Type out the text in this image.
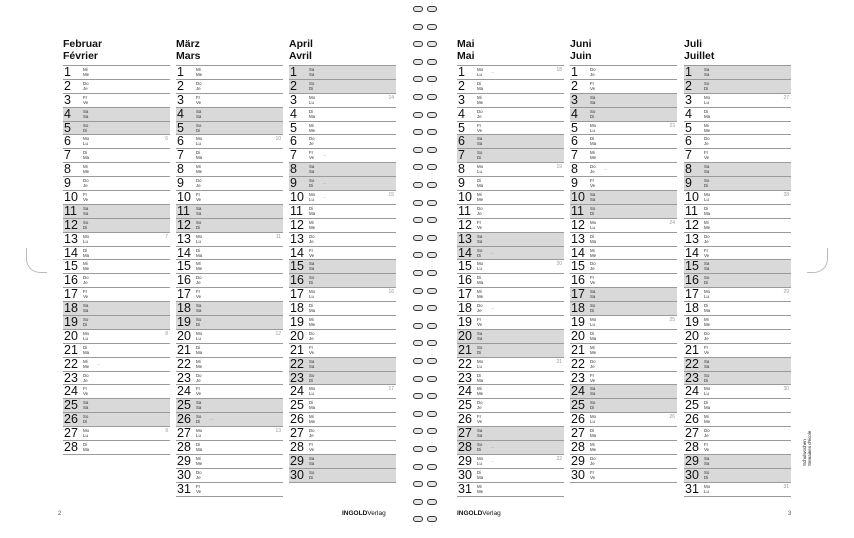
Februar
Février
1	Mi
Me
2	Do
Je
3	Fr
Ve
4	Sa
Sa
5	So
Di
6	Mo
Lu
6
7	Di
Ma
8	Mi
Me
9	Do
Je
10	Fr
Ve
11	Sa
Sa
12	So
Di
13	Mo
Lu
7
14	Di
Ma
15	Mi
Me
16	Do
Je
17	Fr
Ve
18	Sa
Sa
19	So
Di
20	Mo
Lu
8
21	Di
Ma
22	Mi
Me ...
23	Do
Je
24	Fr
Ve
25	Sa
Sa
26	So
Di
27	Mo
Lu
9
28	Di
Ma
März
Mars
1	Mi
Me
2	Do
Je
3	Fr
Ve
4	Sa
Sa
5	So
Di
6	Mo
Lu
10
7	Di
Ma
8	Mi
Me
9	Do
Je
10	Fr
Ve
11	Sa
Sa
12	So
Di
13	Mo
Lu
11
14	Di
Ma
15	Mi
Me
16	Do
Je
17	Fr
Ve
18	Sa
Sa
19	So
Di
20	Mo
Lu
12
21	Di
Ma
22	Mi
Me
23	Do
Je
24	Fr
Ve
25	Sa
Sa
26	So
Di	...
27	Mo
Lu
13
28	Di
Ma
29	Mi
Me
30	Do
Je
31	Fr
Ve
April
Avril
1	Sa
Sa
2	So
Di
3	Mo
Lu
14
4	Di
Ma
5	Mi
Me
6	Do
Je
7	Fr
Ve ...
8	Sa
Sa
9	So
Di	...
10	Mo
Lu	...	15
11	Di
Ma
12	Mi
Me
13	Do
Je
14	Fr
Ve
15	Sa
Sa
16	So
Di
17	Mo
Lu
16
18	Di
Ma
19	Mi
Me
20	Do
Je
21	Fr
Ve
22	Sa
Sa
23	So
Di
24	Mo
Lu
17
25	Di
Ma
26	Mi
Me
27	Do
Je
28	Fr
Ve
29	Sa
Sa
30	So
Di
Mai
Mai
1	Mo
Lu	...	18
2	Di
Ma
3	Mi
Me
4	Do
Je
5	Fr
Ve
6	Sa
Sa
7	So
Di
8	Mo
Lu
19
9	Di
Ma
10	Mi
Me
11	Do
Je
12	Fr
Ve
13	Sa
Sa
14	So
Di	...
15	Mo
Lu
20
16	Di
Ma
17	Mi
Me
18	Do
Je ...
19	Fr
Ve
20	Sa
Sa
21	So
Di
22	Mo
Lu
21
23	Di
Ma
24	Mi
Me
25	Do
Je
26	Fr
Ve
27	Sa
Sa
28	So
Di	...
29	Mo
Lu	...	22
30	Di
Ma
31	Mi
Me
Juni
Juin
1	Do
Je
2	Fr
Ve
3	Sa
Sa
4	So
Di
5	Mo
Lu
23
6	Di
Ma
7	Mi
Me
8	Do
Je ...
9	Fr
Ve
10	Sa
Sa
11	So
Di
12	Mo
Lu
24
13	Di
Ma
14	Mi
Me
15	Do
Je
16	Fr
Ve
17	Sa
Sa
18	So
Di
19	Mo
Lu
25
20	Di
Ma
21	Mi
Me
22	Do
Je
23	Fr
Ve
24	Sa
Sa
25	So
Di
26	Mo
Lu
26
27	Di
Ma
28	Mi
Me
29	Do
Je
30	Fr
Ve
Juli
Juillet
1	Sa
Sa
2	So
Di
3	Mo
Lu
27
4	Di
Ma
5	Mi
Me
6	Do
Je
7	Fr
Ve
8	Sa
Sa
9	So
Di
10	Mo
Lu
28
11	Di
Ma
12	Mi
Me
13	Do
Je
14	Fr
Ve
15	Sa
Sa
16	So
Di
17	Mo
Lu
29
18	Di
Ma
19	Mi
Me
20	Do
Je
21	Fr
Ve
22	Sa
Sa
23	So
Di
24	Mo
Lu
30
25	Di
Ma
26	Mi
Me
27	Do
Je
28	Fr
Ve
29	Sa
Sa
30	So
Di
31	Mo
Lu
31
2	INGOLDVerlag	INGOLDVerlag	3
Schulwochen Semaines d'école
